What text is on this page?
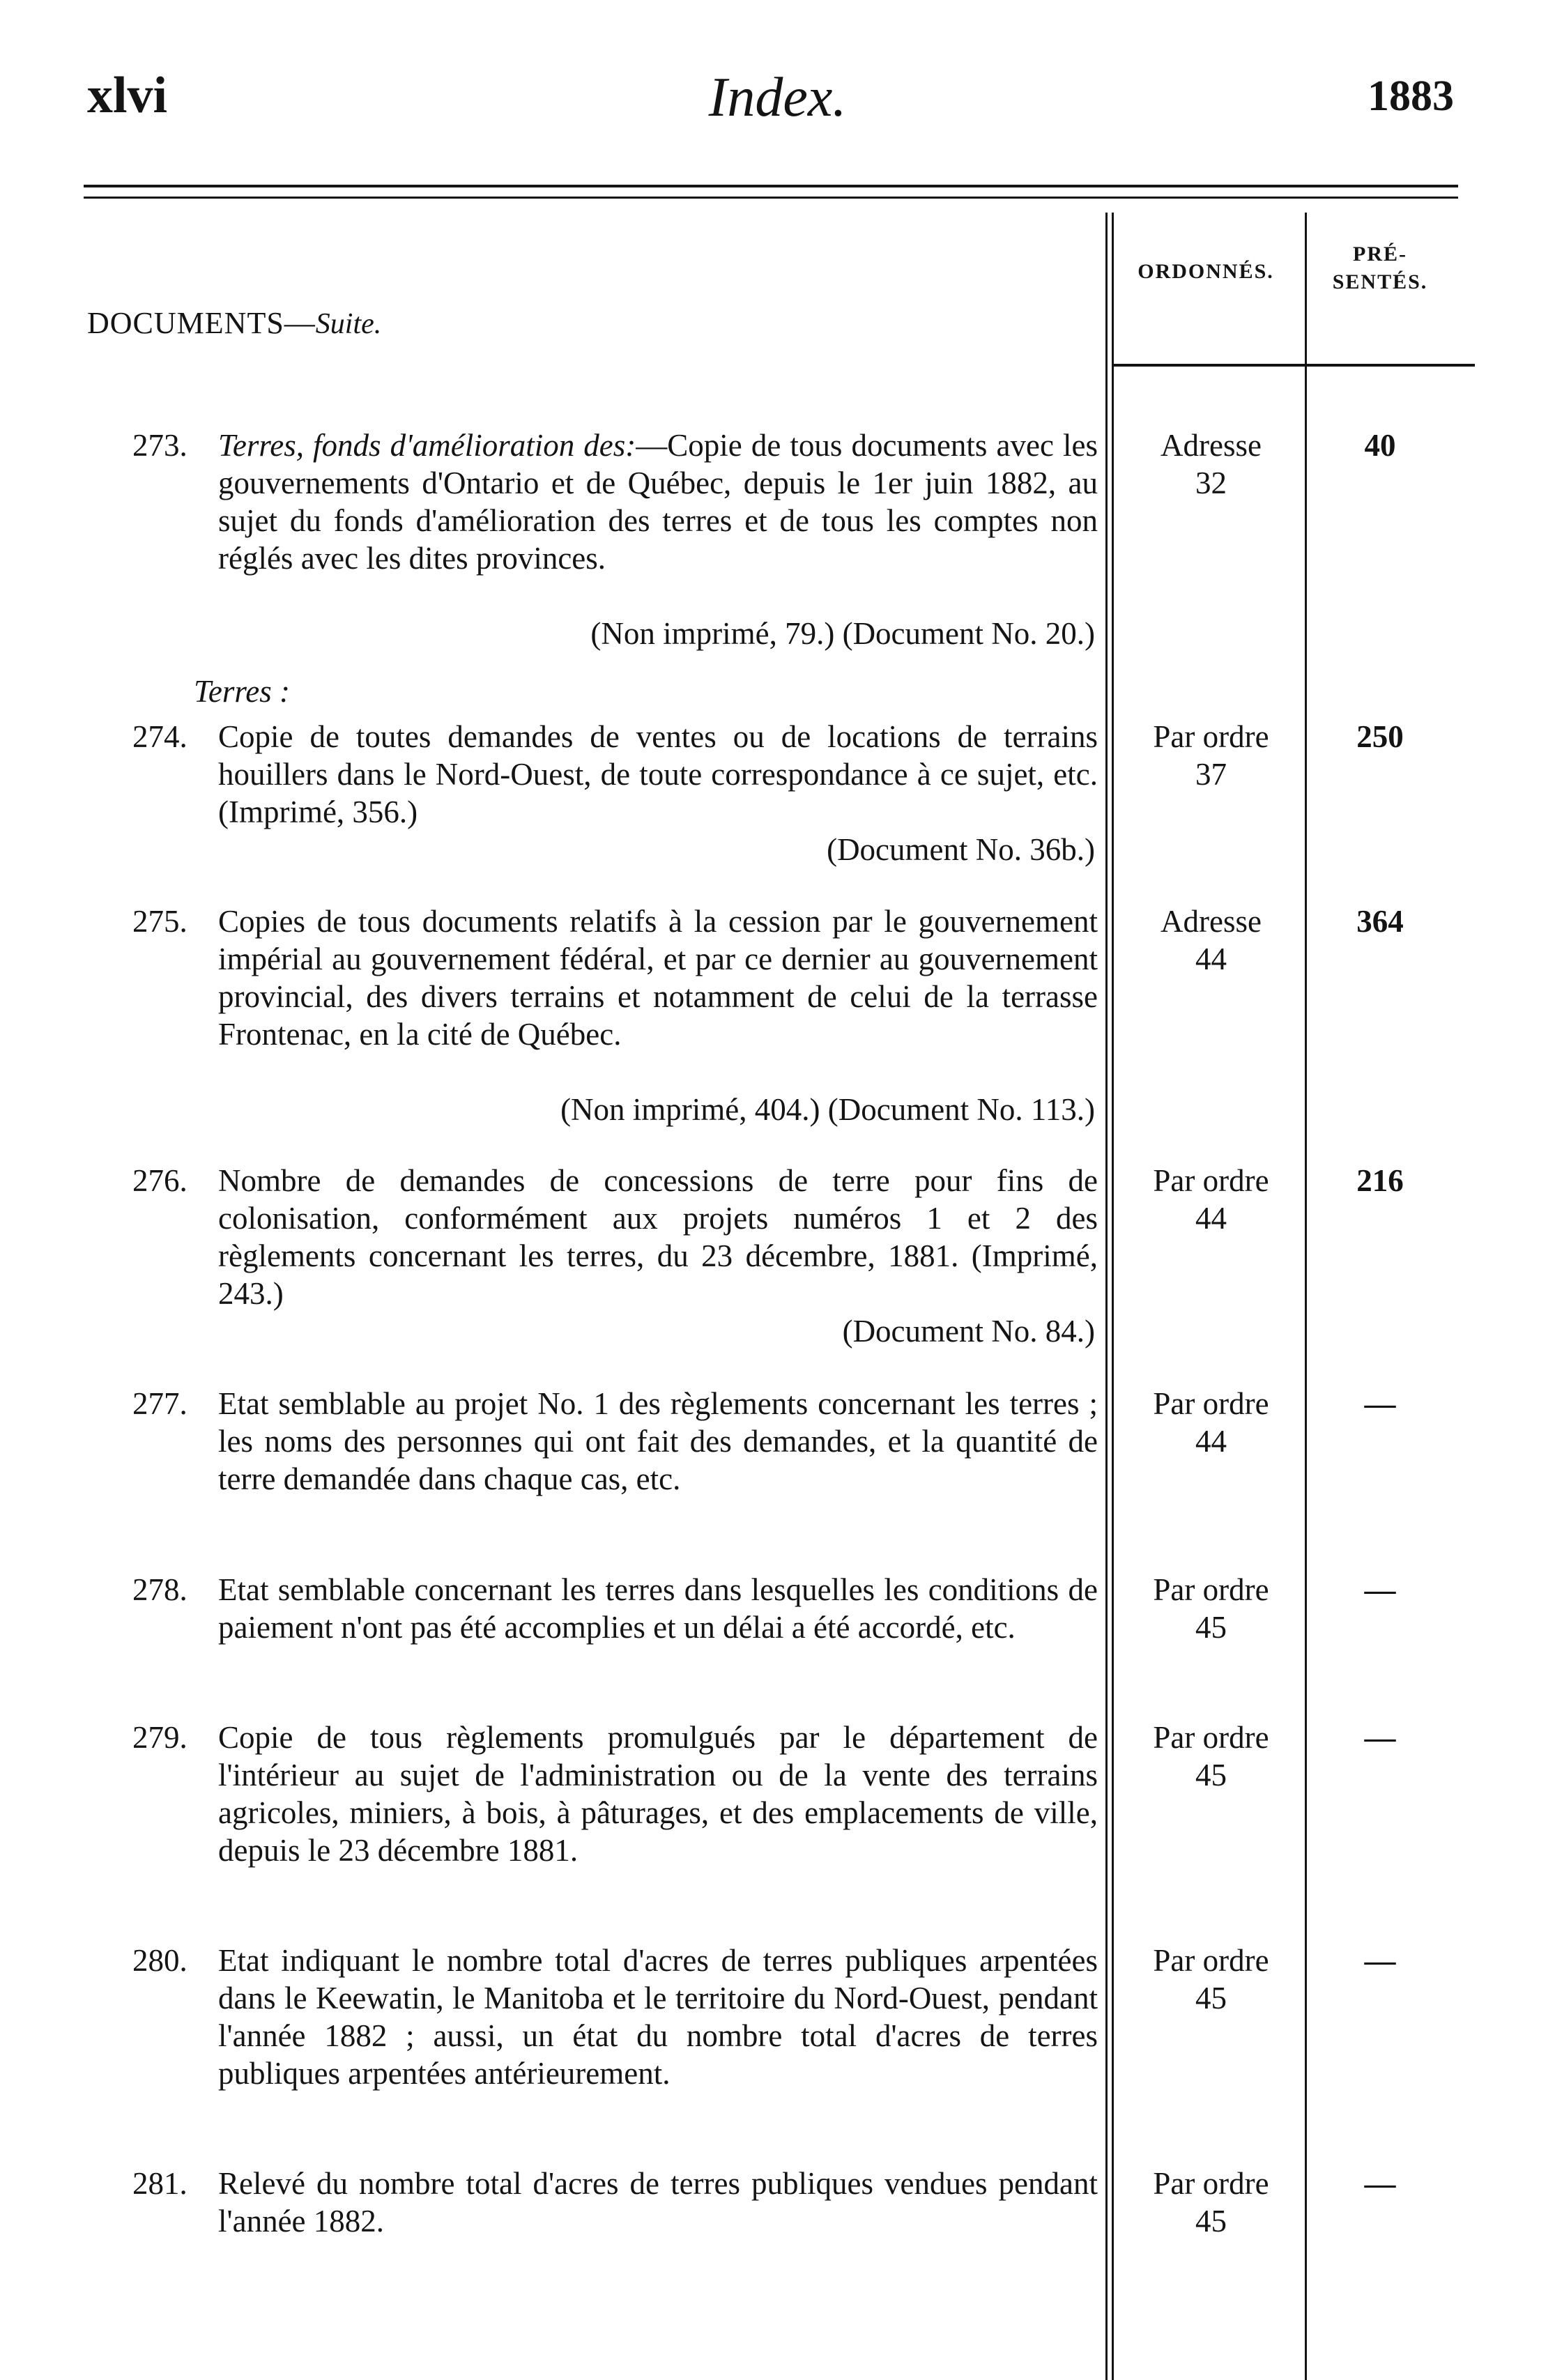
xlvi	Index.	1883
ORDONNÉS.
PRÉ-
SENTÉS.
DOCUMENTS—Suite.
273. Terres, fonds d'amélioration des:—Copie de tous documents avec les gouvernements d'Ontario et de Québec, depuis le 1er juin 1882, au sujet du fonds d'amélioration des terres et de tous les comptes non réglés avec les dites provinces.

(Non imprimé, 79.) (Document No. 20.)
Adresse
32
40
Terres :
274. Copie de toutes demandes de ventes ou de locations de terrains houillers dans le Nord-Ouest, de toute correspondance à ce sujet, etc. (Imprimé, 356.)

(Document No. 36b.)
Par ordre
37
250
275. Copies de tous documents relatifs à la cession par le gouvernement impérial au gouvernement fédéral, et par ce dernier au gouvernement provincial, des divers terrains et notamment de celui de la terrasse Frontenac, en la cité de Québec.

(Non imprimé, 404.) (Document No. 113.)
Adresse
44
364
276. Nombre de demandes de concessions de terre pour fins de colonisation, conformément aux projets numéros 1 et 2 des règlements concernant les terres, du 23 décembre, 1881. (Imprimé, 243.)

(Document No. 84.)
Par ordre
44
216
277. Etat semblable au projet No. 1 des règlements concernant les terres ; les noms des personnes qui ont fait des demandes, et la quantité de terre demandée dans chaque cas, etc.

Par ordre
44
—
278. Etat semblable concernant les terres dans lesquelles les conditions de paiement n'ont pas été accomplies et un délai a été accordé, etc.

Par ordre
45
—
279. Copie de tous règlements promulgués par le département de l'intérieur au sujet de l'administration ou de la vente des terrains agricoles, miniers, à bois, à pâturages, et des emplacements de ville, depuis le 23 décembre 1881.

Par ordre
45
—
280. Etat indiquant le nombre total d'acres de terres publiques arpentées dans le Keewatin, le Manitoba et le territoire du Nord-Ouest, pendant l'année 1882 ; aussi, un état du nombre total d'acres de terres publiques arpentées antérieurement.

Par ordre
45
—
281. Relevé du nombre total d'acres de terres publiques vendues pendant l'année 1882.

Par ordre
45
—
